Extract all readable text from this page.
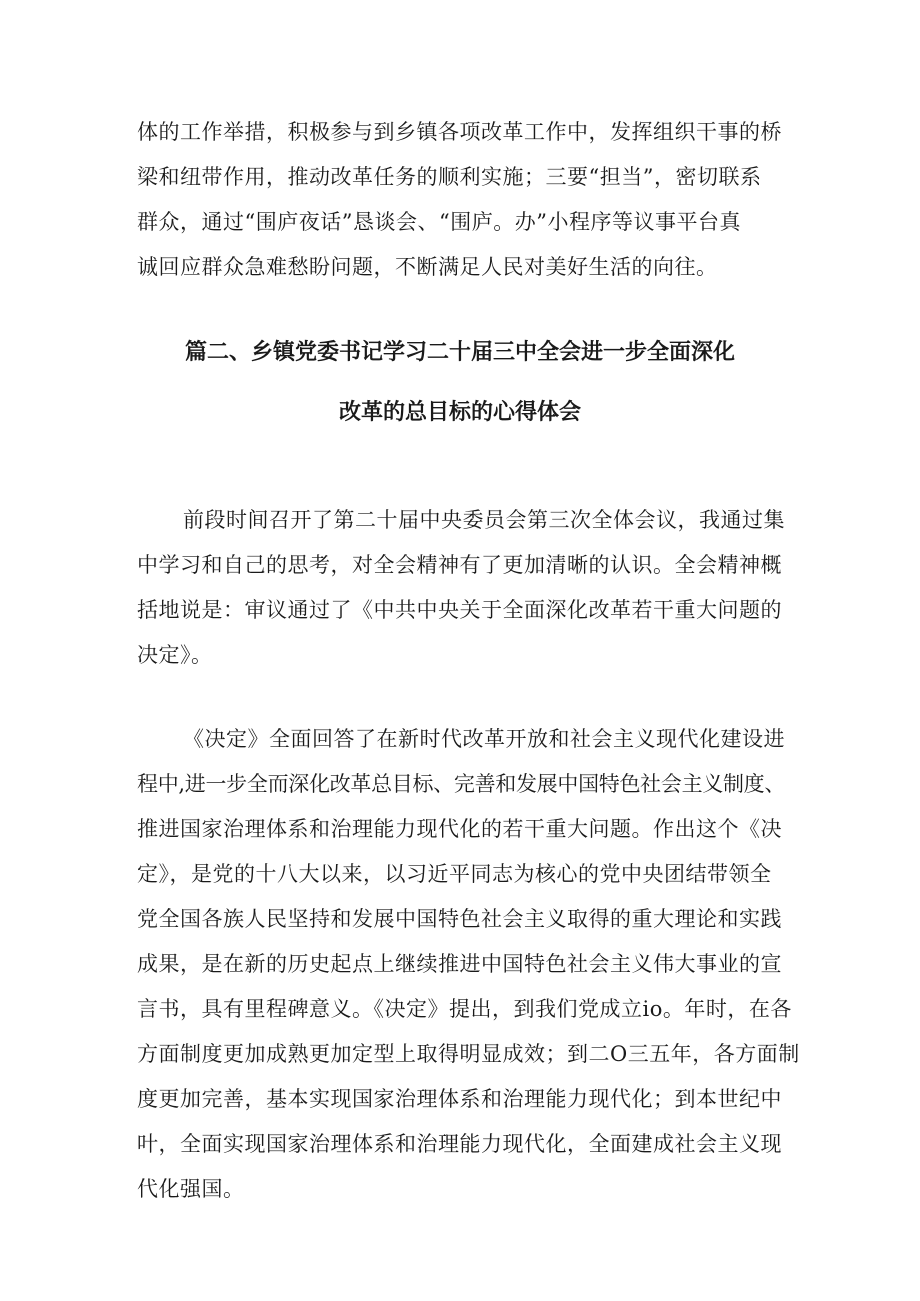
体的工作举措，积极参与到乡镇各项改革工作中，发挥组织干事的桥

梁和纽带作用，推动改革任务的顺利实施；三要“担当”，密切联系

群众，通过“围庐夜话”恳谈会、“围庐。办”小程序等议事平台真

诚回应群众急难愁盼问题，不断满足人民对美好生活的向往。

篇二、乡镇党委书记学习二十届三中全会进一步全面深化
改革的总目标的心得体会

前段时间召开了第二十届中央委员会第三次全体会议，我通过集

中学习和自己的思考，对全会精神有了更加清晰的认识。全会精神概

括地说是：审议通过了《中共中央关于全面深化改革若干重大问题的

决定》。

《决定》全面回答了在新时代改革开放和社会主义现代化建设进

程中,进一步全而深化改革总目标、完善和发展中国特色社会主义制度、

推进国家治理体系和治理能力现代化的若干重大问题。作出这个《决

定》，是党的十八大以来，以习近平同志为核心的党中央团结带领全

党全国各族人民坚持和发展中国特色社会主义取得的重大理论和实践

成果，是在新的历史起点上继续推进中国特色社会主义伟大事业的宣

言书，具有里程碑意义。《决定》提出，到我们党成立io。年时，在各

方面制度更加成熟更加定型上取得明显成效；到二O三五年，各方面制

度更加完善，基本实现国家治理体系和治理能力现代化；到本世纪中

叶，全面实现国家治理体系和治理能力现代化，全面建成社会主义现

代化强国。
